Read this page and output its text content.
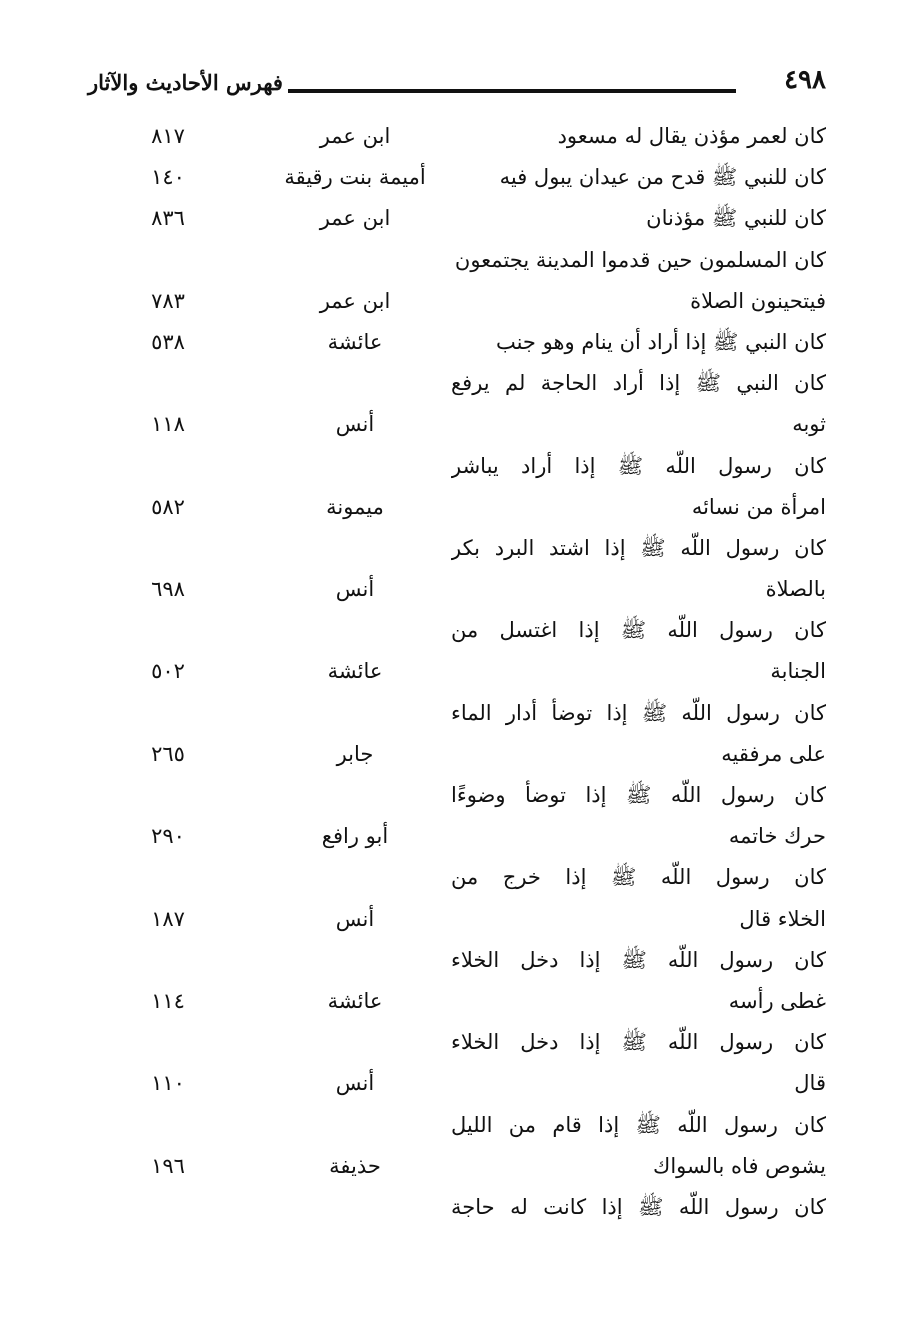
٤٩٨
فهرس الأحاديث والآثار
كان لعمر مؤذن يقال له مسعود
ابن عمر
٨١٧
كان للنبي ﷺ قدح من عيدان يبول فيه
أميمة بنت رقيقة
١٤٠
كان للنبي ﷺ مؤذنان
ابن عمر
٨٣٦
كان المسلمون حين قدموا المدينة يجتمعون
فيتحينون الصلاة
ابن عمر
٧٨٣
كان النبي ﷺ إذا أراد أن ينام وهو جنب
عائشة
٥٣٨
كان النبي ﷺ إذا أراد الحاجة لم يرفع
ثوبه
أنس
١١٨
كان رسول اللّه ﷺ إذا أراد يباشر
امرأة من نسائه
ميمونة
٥٨٢
كان رسول اللّه ﷺ إذا اشتد البرد بكر
بالصلاة
أنس
٦٩٨
كان رسول اللّه ﷺ إذا اغتسل من
الجنابة
عائشة
٥٠٢
كان رسول اللّه ﷺ إذا توضأ أدار الماء
على مرفقيه
جابر
٢٦٥
كان رسول اللّه ﷺ إذا توضأ وضوءًا
حرك خاتمه
أبو رافع
٢٩٠
كان رسول اللّه ﷺ إذا خرج من
الخلاء قال
أنس
١٨٧
كان رسول اللّه ﷺ إذا دخل الخلاء
غطى رأسه
عائشة
١١٤
كان رسول اللّه ﷺ إذا دخل الخلاء
قال
أنس
١١٠
كان رسول اللّه ﷺ إذا قام من الليل
يشوص فاه بالسواك
حذيفة
١٩٦
كان رسول اللّه ﷺ إذا كانت له حاجة
